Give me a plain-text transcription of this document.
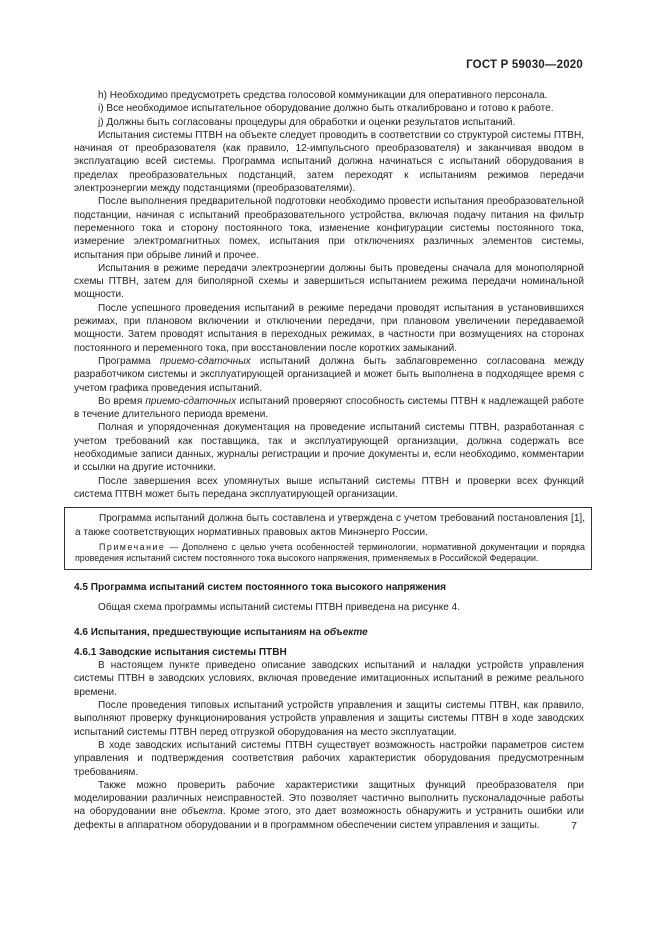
ГОСТ Р 59030—2020

h) Необходимо предусмотреть средства голосовой коммуникации для оперативного персонала.

i) Все необходимое испытательное оборудование должно быть откалибровано и готово к работе.

j) Должны быть согласованы процедуры для обработки и оценки результатов испытаний.

Испытания системы ПТВН на объекте следует проводить в соответствии со структурой системы ПТВН, начиная от преобразователя (как правило, 12-импульсного преобразователя) и заканчивая вводом в эксплуатацию всей системы. Программа испытаний должна начинаться с испытаний оборудования в пределах преобразовательных подстанций, затем переходят к испытаниям режимов передачи электроэнергии между подстанциями (преобразователями).

После выполнения предварительной подготовки необходимо провести испытания преобразовательной подстанции, начиная с испытаний преобразовательного устройства, включая подачу питания на фильтр переменного тока и сторону постоянного тока, изменение конфигурации системы постоянного тока, измерение электромагнитных помех, испытания при отключениях различных элементов системы, испытания при обрыве линий и прочее.

Испытания в режиме передачи электроэнергии должны быть проведены сначала для монополярной схемы ПТВН, затем для биполярной схемы и завершиться испытанием режима передачи номинальной мощности.

После успешного проведения испытаний в режиме передачи проводят испытания в установившихся режимах, при плановом включении и отключении передачи, при плановом увеличении передаваемой мощности. Затем проводят испытания в переходных режимах, в частности при возмущениях на сторонах постоянного и переменного тока, при восстановлении после коротких замыканий.

Программа приемо-сдаточных испытаний должна быть заблаговременно согласована между разработчиком системы и эксплуатирующей организацией и может быть выполнена в подходящее время с учетом графика проведения испытаний.

Во время приемо-сдаточных испытаний проверяют способность системы ПТВН к надлежащей работе в течение длительного периода времени.

Полная и упорядоченная документация на проведение испытаний системы ПТВН, разработанная с учетом требований как поставщика, так и эксплуатирующей организации, должна содержать все необходимые записи данных, журналы регистрации и прочие документы и, если необходимо, комментарии и ссылки на другие источники.

После завершения всех упомянутых выше испытаний системы ПТВН и проверки всех функций система ПТВН может быть передана эксплуатирующей организации.

Программа испытаний должна быть составлена и утверждена с учетом требований постановления [1], а также соответствующих нормативных правовых актов Минэнерго России.

Примечание — Дополнено с целью учета особенностей терминологии, нормативной документации и порядка проведения испытаний систем постоянного тока высокого напряжения, применяемых в Российской Федерации.

4.5 Программа испытаний систем постоянного тока высокого напряжения

Общая схема программы испытаний системы ПТВН приведена на рисунке 4.

4.6 Испытания, предшествующие испытаниям на объекте

4.6.1 Заводские испытания системы ПТВН

В настоящем пункте приведено описание заводских испытаний и наладки устройств управления системы ПТВН в заводских условиях, включая проведение имитационных испытаний в режиме реального времени.

После проведения типовых испытаний устройств управления и защиты системы ПТВН, как правило, выполняют проверку функционирования устройств управления и защиты системы ПТВН в ходе заводских испытаний системы ПТВН перед отгрузкой оборудования на место эксплуатации.

В ходе заводских испытаний системы ПТВН существует возможность настройки параметров систем управления и подтверждения соответствия рабочих характеристик оборудования предусмотренным требованиям.

Также можно проверить рабочие характеристики защитных функций преобразователя при моделировании различных неисправностей. Это позволяет частично выполнить пусконаладочные работы на оборудовании вне объекта. Кроме этого, это дает возможность обнаружить и устранить ошибки или дефекты в аппаратном оборудовании и в программном обеспечении систем управления и защиты.	7
